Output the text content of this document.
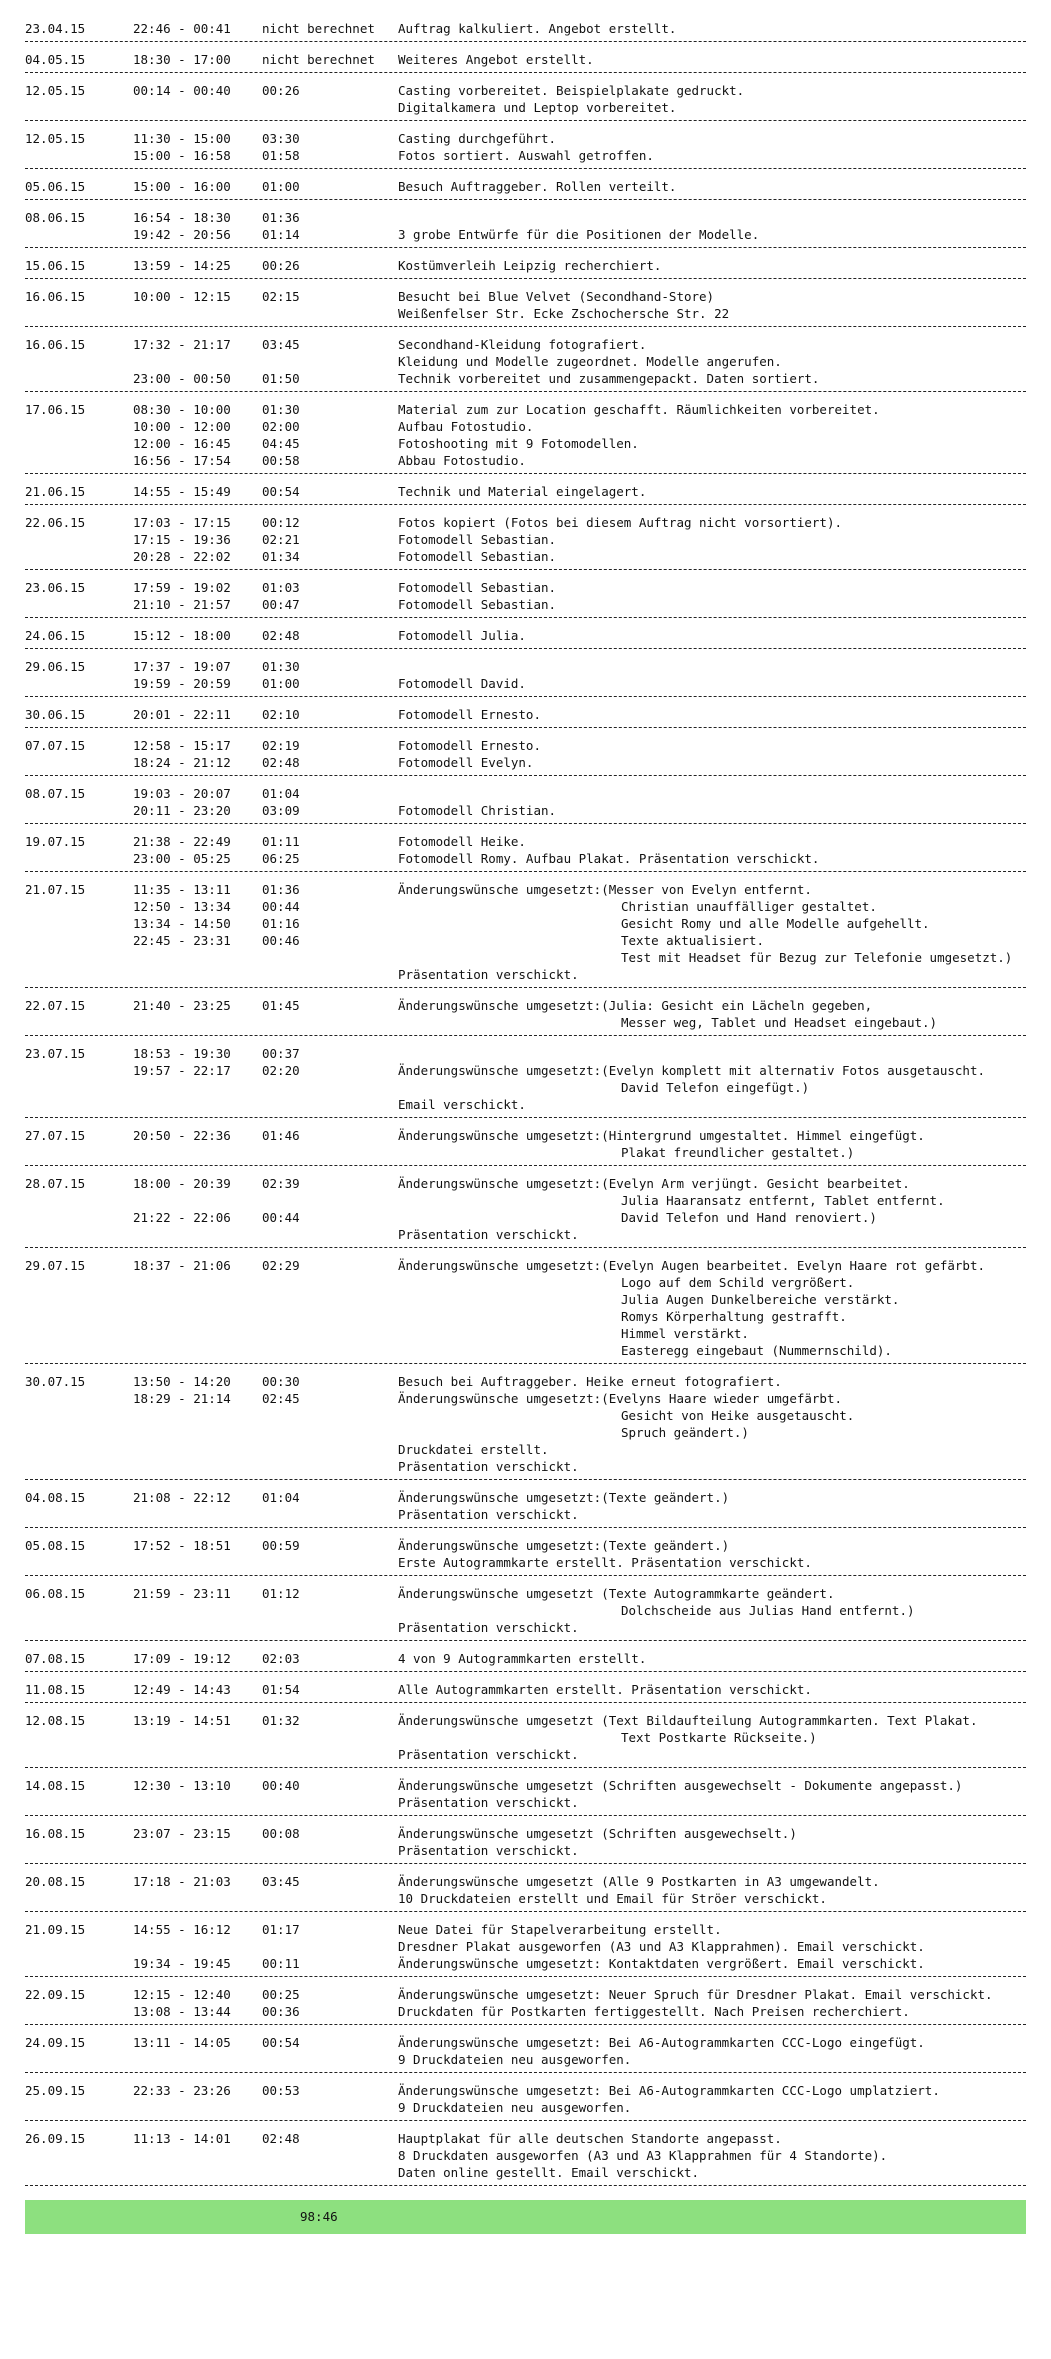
23.04.15	22:46 - 00:41 nicht berechnet Auftrag kalkuliert. Angebot erstellt.
04.05.15	18:30 - 17:00 nicht berechnet Weiteres Angebot erstellt.
12.05.15	00:14 - 00:40 00:26	Casting vorbereitet. Beispielplakate gedruckt.
Digitalkamera und Leptop vorbereitet.
12.05.15	11:30 - 15:00 03:30	Casting durchgeführt.
15:00 - 16:58 01:58	Fotos sortiert. Auswahl getroffen.
05.06.15	15:00 - 16:00 01:00	Besuch Auftraggeber. Rollen verteilt.
08.06.15	16:54 - 18:30 01:36
19:42 - 20:56 01:14	3 grobe Entwürfe für die Positionen der Modelle.
15.06.15	13:59 - 14:25 00:26	Kostümverleih Leipzig recherchiert.
16.06.15	10:00 - 12:15 02:15	Besucht bei Blue Velvet (Secondhand-Store)
Weißenfelser Str. Ecke Zschochersche Str. 22
16.06.15	17:32 - 21:17 03:45	Secondhand-Kleidung fotografiert.
Kleidung und Modelle zugeordnet. Modelle angerufen.
23:00 - 00:50 01:50	Technik vorbereitet und zusammengepackt. Daten sortiert.
17.06.15	08:30 - 10:00 01:30	Material zum zur Location geschafft. Räumlichkeiten vorbereitet.
10:00 - 12:00 02:00	Aufbau Fotostudio.
12:00 - 16:45 04:45	Fotoshooting mit 9 Fotomodellen.
16:56 - 17:54 00:58	Abbau Fotostudio.
21.06.15	14:55 - 15:49 00:54	Technik und Material eingelagert.
22.06.15	17:03 - 17:15 00:12	Fotos kopiert (Fotos bei diesem Auftrag nicht vorsortiert).
17:15 - 19:36 02:21	Fotomodell Sebastian.
20:28 - 22:02 01:34	Fotomodell Sebastian.
23.06.15	17:59 - 19:02 01:03	Fotomodell Sebastian.
21:10 - 21:57 00:47	Fotomodell Sebastian.
24.06.15	15:12 - 18:00 02:48	Fotomodell Julia.
29.06.15	17:37 - 19:07 01:30
19:59 - 20:59 01:00	Fotomodell David.
30.06.15	20:01 - 22:11 02:10	Fotomodell Ernesto.
07.07.15	12:58 - 15:17 02:19	Fotomodell Ernesto.
18:24 - 21:12 02:48	Fotomodell Evelyn.
08.07.15	19:03 - 20:07 01:04
20:11 - 23:20 03:09	Fotomodell Christian.
19.07.15	21:38 - 22:49 01:11	Fotomodell Heike.
23:00 - 05:25 06:25	Fotomodell Romy. Aufbau Plakat. Präsentation verschickt.
21.07.15	11:35 - 13:11 01:36	Änderungswünsche umgesetzt:(Messer von Evelyn entfernt.
12:50 - 13:34 00:44	Christian unauffälliger gestaltet.
13:34 - 14:50 01:16	Gesicht Romy und alle Modelle aufgehellt.
22:45 - 23:31 00:46	Texte aktualisiert.
Test mit Headset für Bezug zur Telefonie umgesetzt.)
Präsentation verschickt.
22.07.15	21:40 - 23:25 01:45	Änderungswünsche umgesetzt:(Julia: Gesicht ein Lächeln gegeben,
Messer weg, Tablet und Headset eingebaut.)
23.07.15	18:53 - 19:30 00:37
19:57 - 22:17 02:20	Änderungswünsche umgesetzt:(Evelyn komplett mit alternativ Fotos ausgetauscht.
David Telefon eingefügt.)
Email verschickt.
27.07.15	20:50 - 22:36 01:46	Änderungswünsche umgesetzt:(Hintergrund umgestaltet. Himmel eingefügt.
Plakat freundlicher gestaltet.)
28.07.15	18:00 - 20:39 02:39	Änderungswünsche umgesetzt:(Evelyn Arm verjüngt. Gesicht bearbeitet.
Julia Haaransatz entfernt, Tablet entfernt.
21:22 - 22:06 00:44	David Telefon und Hand renoviert.)
Präsentation verschickt.
29.07.15	18:37 - 21:06 02:29	Änderungswünsche umgesetzt:(Evelyn Augen bearbeitet. Evelyn Haare rot gefärbt.
Logo auf dem Schild vergrößert.
Julia Augen Dunkelbereiche verstärkt.
Romys Körperhaltung gestrafft.
Himmel verstärkt.
Easteregg eingebaut (Nummernschild).
30.07.15	13:50 - 14:20 00:30	Besuch bei Auftraggeber. Heike erneut fotografiert.
18:29 - 21:14 02:45	Änderungswünsche umgesetzt:(Evelyns Haare wieder umgefärbt.
Gesicht von Heike ausgetauscht.
Spruch geändert.)
Druckdatei erstellt.
Präsentation verschickt.
04.08.15	21:08 - 22:12 01:04	Änderungswünsche umgesetzt:(Texte geändert.)
Präsentation verschickt.
05.08.15	17:52 - 18:51 00:59	Änderungswünsche umgesetzt:(Texte geändert.)
Erste Autogrammkarte erstellt. Präsentation verschickt.
06.08.15	21:59 - 23:11 01:12	Änderungswünsche umgesetzt (Texte Autogrammkarte geändert.
Dolchscheide aus Julias Hand entfernt.)
Präsentation verschickt.
07.08.15	17:09 - 19:12 02:03	4 von 9 Autogrammkarten erstellt.
11.08.15	12:49 - 14:43 01:54	Alle Autogrammkarten erstellt. Präsentation verschickt.
12.08.15	13:19 - 14:51 01:32	Änderungswünsche umgesetzt (Text Bildaufteilung Autogrammkarten. Text Plakat.
Text Postkarte Rückseite.)
Präsentation verschickt.
14.08.15	12:30 - 13:10 00:40	Änderungswünsche umgesetzt (Schriften ausgewechselt - Dokumente angepasst.)
Präsentation verschickt.
16.08.15	23:07 - 23:15 00:08	Änderungswünsche umgesetzt (Schriften ausgewechselt.)
Präsentation verschickt.
20.08.15	17:18 - 21:03 03:45	Änderungswünsche umgesetzt (Alle 9 Postkarten in A3 umgewandelt.
10 Druckdateien erstellt und Email für Ströer verschickt.
21.09.15	14:55 - 16:12 01:17	Neue Datei für Stapelverarbeitung erstellt.
Dresdner Plakat ausgeworfen (A3 und A3 Klapprahmen). Email verschickt.
19:34 - 19:45 00:11	Änderungswünsche umgesetzt: Kontaktdaten vergrößert. Email verschickt.
22.09.15	12:15 - 12:40 00:25	Änderungswünsche umgesetzt: Neuer Spruch für Dresdner Plakat. Email verschickt.
13:08 - 13:44 00:36	Druckdaten für Postkarten fertiggestellt. Nach Preisen recherchiert.
24.09.15	13:11 - 14:05 00:54	Änderungswünsche umgesetzt: Bei A6-Autogrammkarten CCC-Logo eingefügt.
9 Druckdateien neu ausgeworfen.
25.09.15	22:33 - 23:26 00:53	Änderungswünsche umgesetzt: Bei A6-Autogrammkarten CCC-Logo umplatziert.
9 Druckdateien neu ausgeworfen.
26.09.15	11:13 - 14:01 02:48	Hauptplakat für alle deutschen Standorte angepasst.
8 Druckdaten ausgeworfen (A3 und A3 Klapprahmen für 4 Standorte).
Daten online gestellt. Email verschickt.
98:46
